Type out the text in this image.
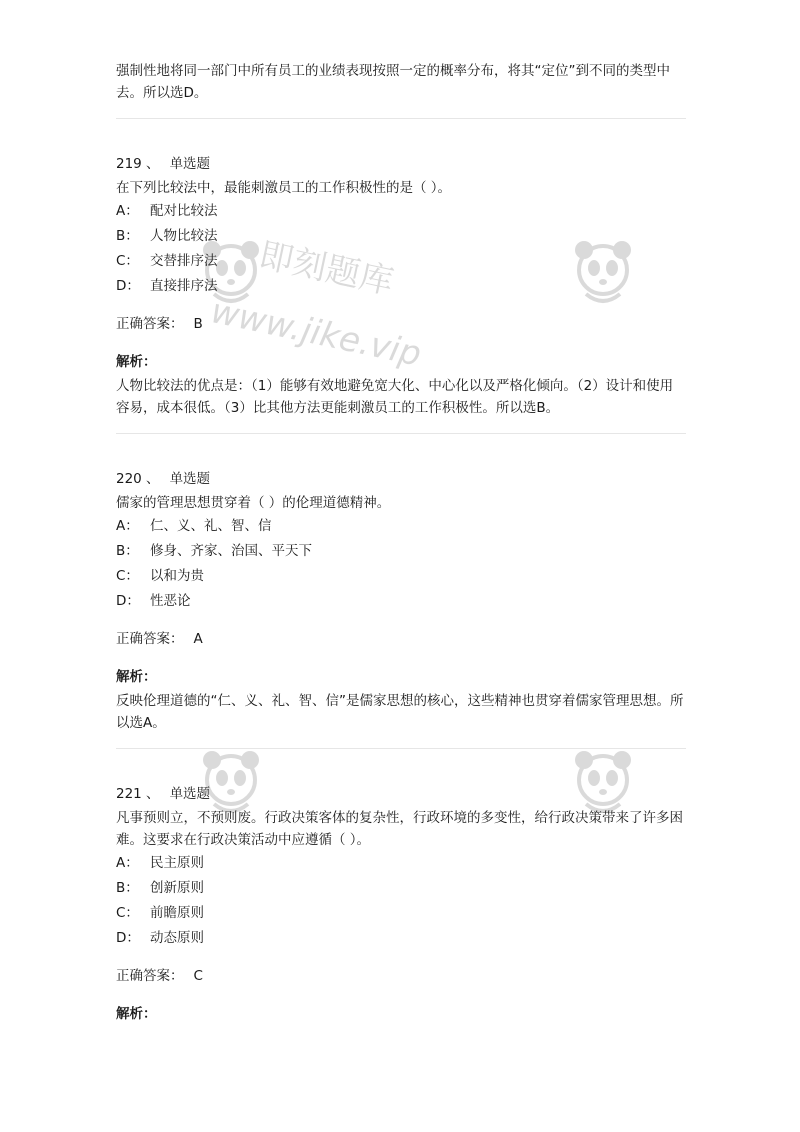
即刻题库
www.jike.vip

强制性地将同一部门中所有员工的业绩表现按照一定的概率分布，将其“定位”到不同的类型中去。所以选D。

219 、 单选题

在下列比较法中，最能刺激员工的工作积极性的是（ ）。

A： 配对比较法
B： 人物比较法
C： 交替排序法
D： 直接排序法

正确答案： B

解析：

人物比较法的优点是：（1）能够有效地避免宽大化、中心化以及严格化倾向。（2）设计和使用容易，成本很低。（3）比其他方法更能刺激员工的工作积极性。所以选B。

220 、 单选题

儒家的管理思想贯穿着（ ）的伦理道德精神。

A： 仁、义、礼、智、信
B： 修身、齐家、治国、平天下
C： 以和为贵
D： 性恶论

正确答案： A

解析：

反映伦理道德的“仁、义、礼、智、信”是儒家思想的核心，这些精神也贯穿着儒家管理思想。所以选A。

221 、 单选题

凡事预则立，不预则废。行政决策客体的复杂性，行政环境的多变性，给行政决策带来了许多困难。这要求在行政决策活动中应遵循（ ）。

A： 民主原则
B： 创新原则
C： 前瞻原则
D： 动态原则

正确答案： C

解析：
